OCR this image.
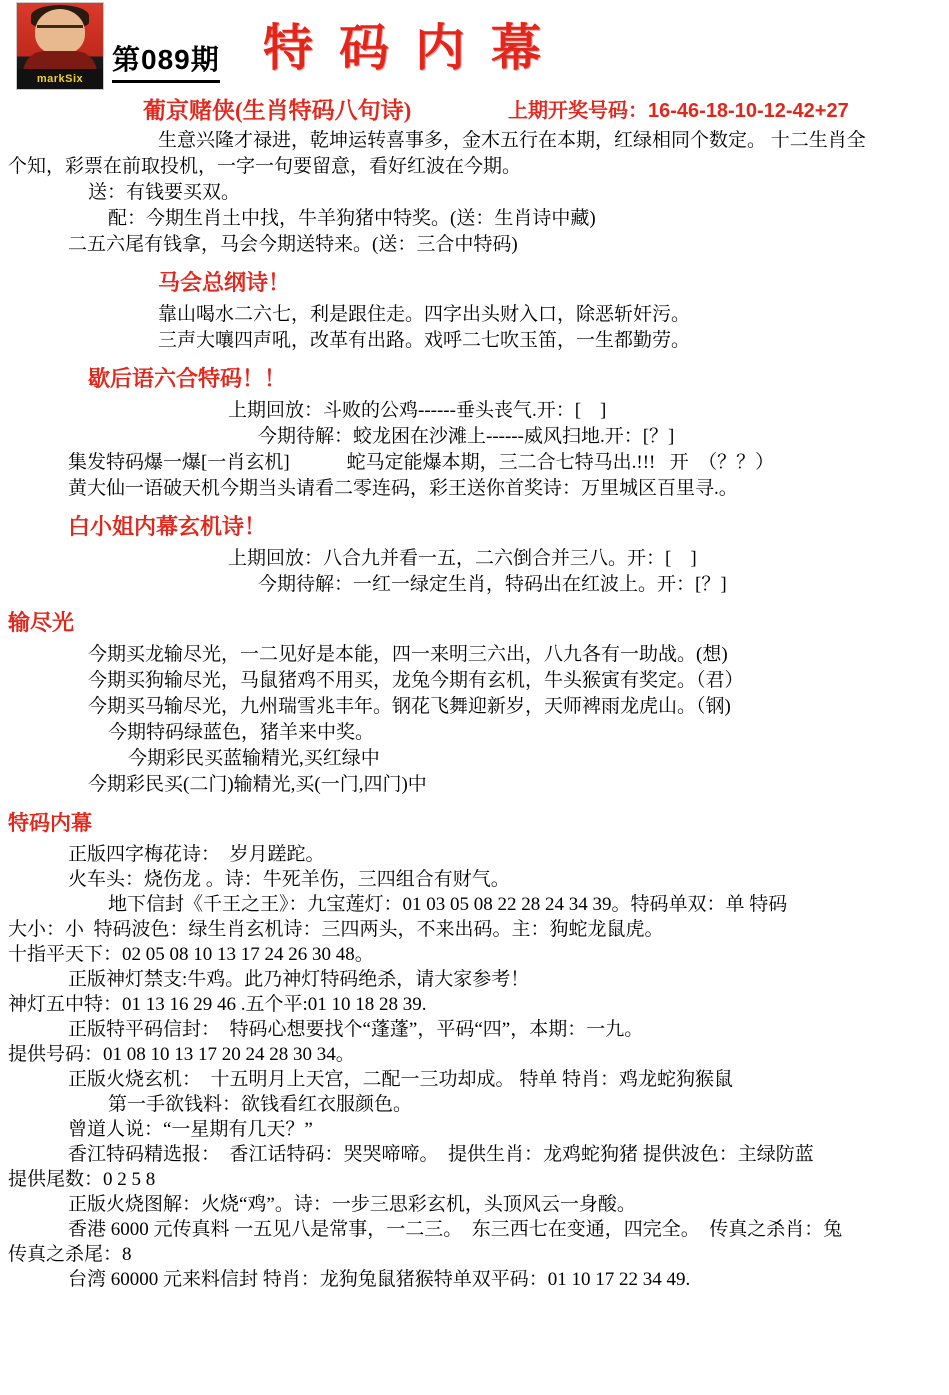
markSix
第089期 特码内幕
葡京赌侠(生肖特码八句诗)	上期开奖号码：16-46-18-10-12-42+27
生意兴隆才禄进，乾坤运转喜事多，金木五行在本期，红绿相同个数定。 十二生肖全
个知，彩票在前取投机，一字一句要留意，看好红波在今期。
送：有钱要买双。
配：今期生肖土中找，牛羊狗猪中特奖。(送：生肖诗中藏)
二五六尾有钱拿，马会今期送特来。(送：三合中特码)
马会总纲诗！
靠山喝水二六七，利是跟住走。四字出头财入口，除恶斩奸污。
三声大嚷四声吼，改革有出路。戏呼二七吹玉笛，一生都勤劳。
歇后语六合特码！！
上期回放：斗败的公鸡------垂头丧气.开：[    ]
今期待解：蛟龙困在沙滩上------威风扫地.开：[？]
集发特码爆一爆[一肖玄机]            蛇马定能爆本期，三二合七特马出.!!!   开  （？？）
黄大仙一语破天机今期当头请看二零连码，彩王送你首奖诗：万里城区百里寻.。
白小姐内幕玄机诗！
上期回放：八合九并看一五，二六倒合并三八。开：[    ]
今期待解：一红一绿定生肖，特码出在红波上。开：[？]
输尽光
今期买龙输尽光，一二见好是本能，四一来明三六出，八九各有一助战。(想)
今期买狗输尽光，马鼠猪鸡不用买，龙兔今期有玄机，牛头猴寅有奖定。（君）
今期买马输尽光，九州瑞雪兆丰年。钢花飞舞迎新岁，天师裨雨龙虎山。（钢)
今期特码绿蓝色，猪羊来中奖。
今期彩民买蓝输精光,买红绿中
今期彩民买(二门)输精光,买(一门,四门)中
特码内幕
正版四字梅花诗：  岁月蹉跎。
火车头：烧伤龙 。诗：牛死羊伤，三四组合有财气。
地下信封《千王之王》：九宝莲灯：01 03 05 08 22 28 24 34 39。特码单双：单 特码
大小：小  特码波色：绿生肖玄机诗：三四两头，不来出码。主：狗蛇龙鼠虎。
十指平天下：02 05 08 10 13 17 24 26 30 48。
正版神灯禁支:牛鸡。此乃神灯特码绝杀，请大家参考！
神灯五中特：01 13 16 29 46 .五个平:01 10 18 28 39.
正版特平码信封：  特码心想要找个“蓬蓬”，平码“四”，本期：一九。
提供号码：01 08 10 13 17 20 24 28 30 34。
正版火烧玄机：  十五明月上天宫，二配一三功却成。 特单 特肖：鸡龙蛇狗猴鼠
第一手欲钱料：欲钱看红衣服颜色。
曾道人说：“一星期有几天？”
香江特码精选报：  香江话特码：哭哭啼啼。  提供生肖：龙鸡蛇狗猪 提供波色：主绿防蓝
提供尾数：0 2 5 8
正版火烧图解：火烧“鸡”。诗：一步三思彩玄机，头顶风云一身酸。
香港 6000 元传真料 一五见八是常事，一二三。  东三西七在变通，四完全。  传真之杀肖：兔
传真之杀尾：8
台湾 60000 元来料信封 特肖：龙狗兔鼠猪猴特单双平码：01 10 17 22 34 49.
